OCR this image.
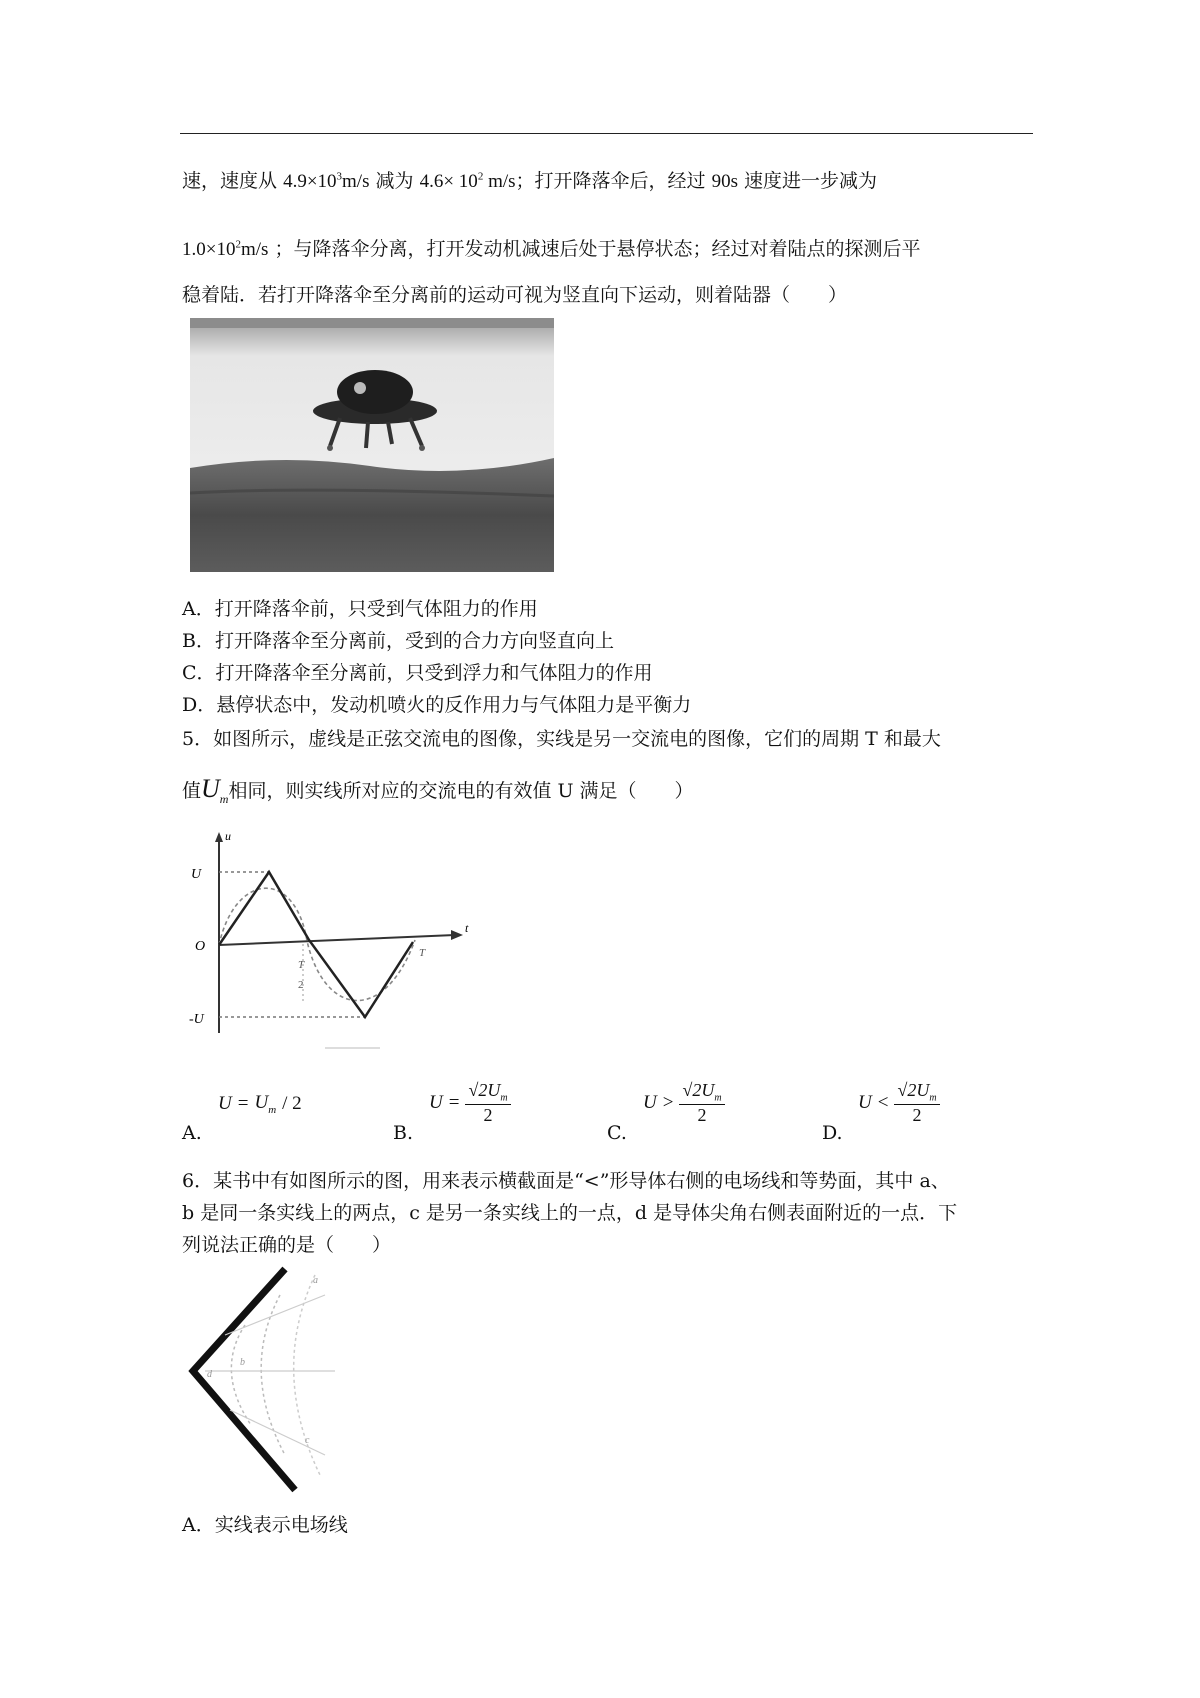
速，速度从 $4.9\times 10^3m/s$ 减为 $4.6\times 10^2$ m/s；打开降落伞后，经过 90s 速度进一步减为
$1.0\times 10^2m/s$ ；与降落伞分离，打开发动机减速后处于悬停状态；经过对着陆点的探测后平
稳着陆．若打开降落伞至分离前的运动可视为竖直向下运动，则着陆器（　　）
A．打开降落伞前，只受到气体阻力的作用
B．打开降落伞至分离前，受到的合力方向竖直向上
C．打开降落伞至分离前，只受到浮力和气体阻力的作用
D．悬停状态中，发动机喷火的反作用力与气体阻力是平衡力
5．如图所示，虚线是正弦交流电的图像，实线是另一交流电的图像，它们的周期 T 和最大
值$U_m$相同，则实线所对应的交流电的有效值 U 满足（　　）
u
t
U
O
-U
T
2
T
A.
$U = U_m / 2$
B.
$U = \frac{√2U_m}{2}$
C.
$U > \frac{√2U_m}{2}$
D.
$U < \frac{√2U_m}{2}$
6．某书中有如图所示的图，用来表示横截面是“<”形导体右侧的电场线和等势面，其中 a、
b 是同一条实线上的两点，c 是另一条实线上的一点，d 是导体尖角右侧表面附近的一点．下
列说法正确的是（　　）
a
b
c
d
A．实线表示电场线
